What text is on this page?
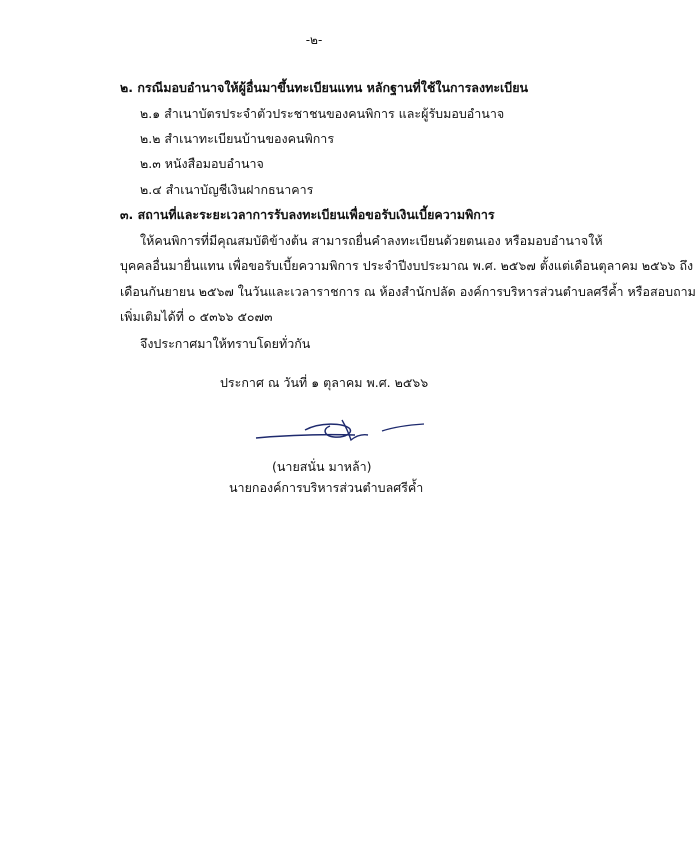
-๒-
๒. กรณีมอบอำนาจให้ผู้อื่นมาขึ้นทะเบียนแทน หลักฐานที่ใช้ในการลงทะเบียน
๒.๑ สำเนาบัตรประจำตัวประชาชนของคนพิการ และผู้รับมอบอำนาจ
๒.๒ สำเนาทะเบียนบ้านของคนพิการ
๒.๓ หนังสือมอบอำนาจ
๒.๔ สำเนาบัญชีเงินฝากธนาคาร
๓. สถานที่และระยะเวลาการรับลงทะเบียนเพื่อขอรับเงินเบี้ยความพิการ
ให้คนพิการที่มีคุณสมบัติข้างต้น สามารถยื่นคำลงทะเบียนด้วยตนเอง หรือมอบอำนาจให้
บุคคลอื่นมายื่นแทน เพื่อขอรับเบี้ยความพิการ ประจำปีงบประมาณ พ.ศ. ๒๕๖๗ ตั้งแต่เดือนตุลาคม ๒๕๖๖ ถึง
เดือนกันยายน ๒๕๖๗ ในวันและเวลาราชการ ณ ห้องสำนักปลัด องค์การบริหารส่วนตำบลศรีค้ำ หรือสอบถาม
เพิ่มเติมได้ที่ ๐ ๕๓๖๖ ๕๐๗๓
จึงประกาศมาให้ทราบโดยทั่วกัน
ประกาศ ณ วันที่ ๑ ตุลาคม พ.ศ. ๒๕๖๖
(นายสนั่น มาหล้า)
นายกองค์การบริหารส่วนตำบลศรีค้ำ
